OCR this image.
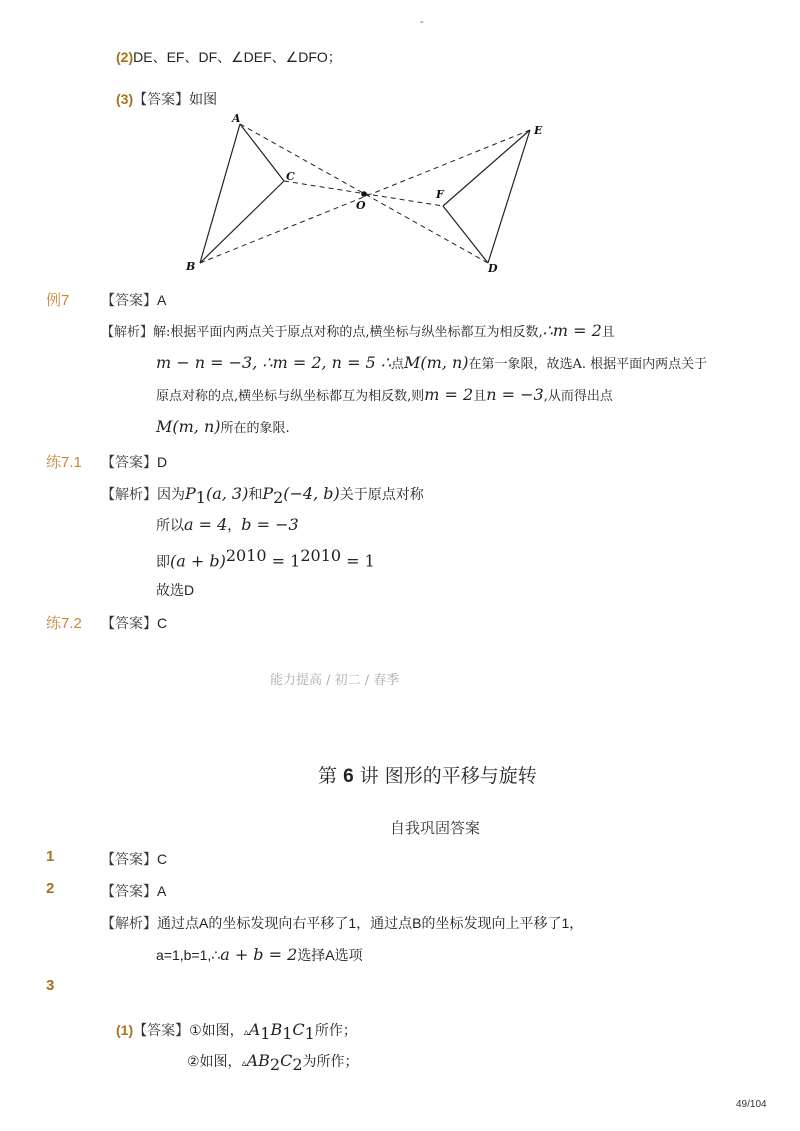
-
(2)DE、EF、DF、∠DEF、∠DFO；
(3)【答案】如图
A
B
C
O
E
F
D
例7 【答案】A
【解析】解:根据平面内两点关于原点对称的点,横坐标与纵坐标都互为相反数,∴m = 2且
m − n = −3, ∴m = 2, n = 5 ∴点M(m, n)在第一象限，故选A. 根据平面内两点关于
原点对称的点,横坐标与纵坐标都互为相反数,则m = 2且n = −3,从而得出点
M(m, n)所在的象限.
练7.1 【答案】D
【解析】因为$P_1(a$, 3)和$P_2(-4$, b)关于原点对称
所以a = 4，b = −3
即$(a + b)^{2010} = 1^{2010} = 1$
故选D
练7.2 【答案】C
能力提高 / 初二 / 春季
第 6 讲 图形的平移与旋转
自我巩固答案
1	【答案】C
2	【答案】A
【解析】通过点A的坐标发现向右平移了1，通过点B的坐标发现向上平移了1，
a=1,b=1,∴a + b = 2选择A选项
3
(1)【答案】①如图，$▵A_1B_1C_1$所作；
②如图，$▵AB_2C_2$为所作；
49/104
